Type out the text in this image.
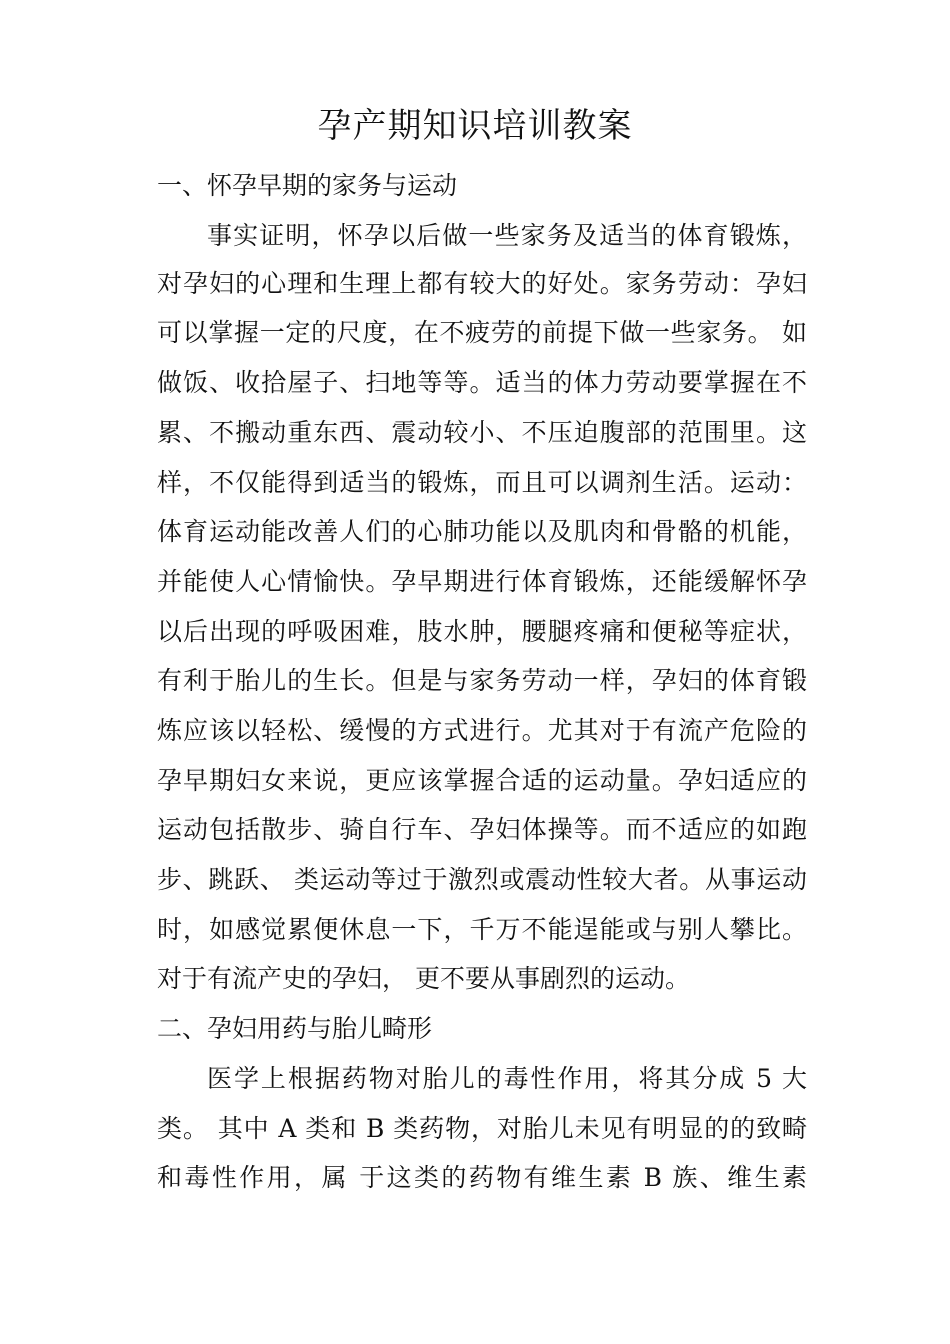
孕产期知识培训教案
一、怀孕早期的家务与运动
事实证明，怀孕以后做一些家务及适当的体育锻炼，
对孕妇的心理和生理上都有较大的好处。家务劳动：孕妇
可以掌握一定的尺度，在不疲劳的前提下做一些家务。 如
做饭、收拾屋子、扫地等等。适当的体力劳动要掌握在不
累、不搬动重东西、震动较小、不压迫腹部的范围里。这
样，不仅能得到适当的锻炼，而且可以调剂生活。运动：
体育运动能改善人们的心肺功能以及肌肉和骨骼的机能，
并能使人心情愉快。孕早期进行体育锻炼，还能缓解怀孕
以后出现的呼吸困难，肢水肿，腰腿疼痛和便秘等症状，
有利于胎儿的生长。但是与家务劳动一样，孕妇的体育锻
炼应该以轻松、缓慢的方式进行。尤其对于有流产危险的
孕早期妇女来说，更应该掌握合适的运动量。孕妇适应的
运动包括散步、骑自行车、孕妇体操等。而不适应的如跑
步、跳跃、 类运动等过于激烈或震动性较大者。从事运动
时，如感觉累便休息一下，千万不能逞能或与别人攀比。
对于有流产史的孕妇， 更不要从事剧烈的运动。
二、孕妇用药与胎儿畸形
医学上根据药物对胎儿的毒性作用，将其分成 5 大
类。 其中 A 类和 B 类药物，对胎儿未见有明显的的致畸
和毒性作用，属 于这类的药物有维生素 B 族、维生素
